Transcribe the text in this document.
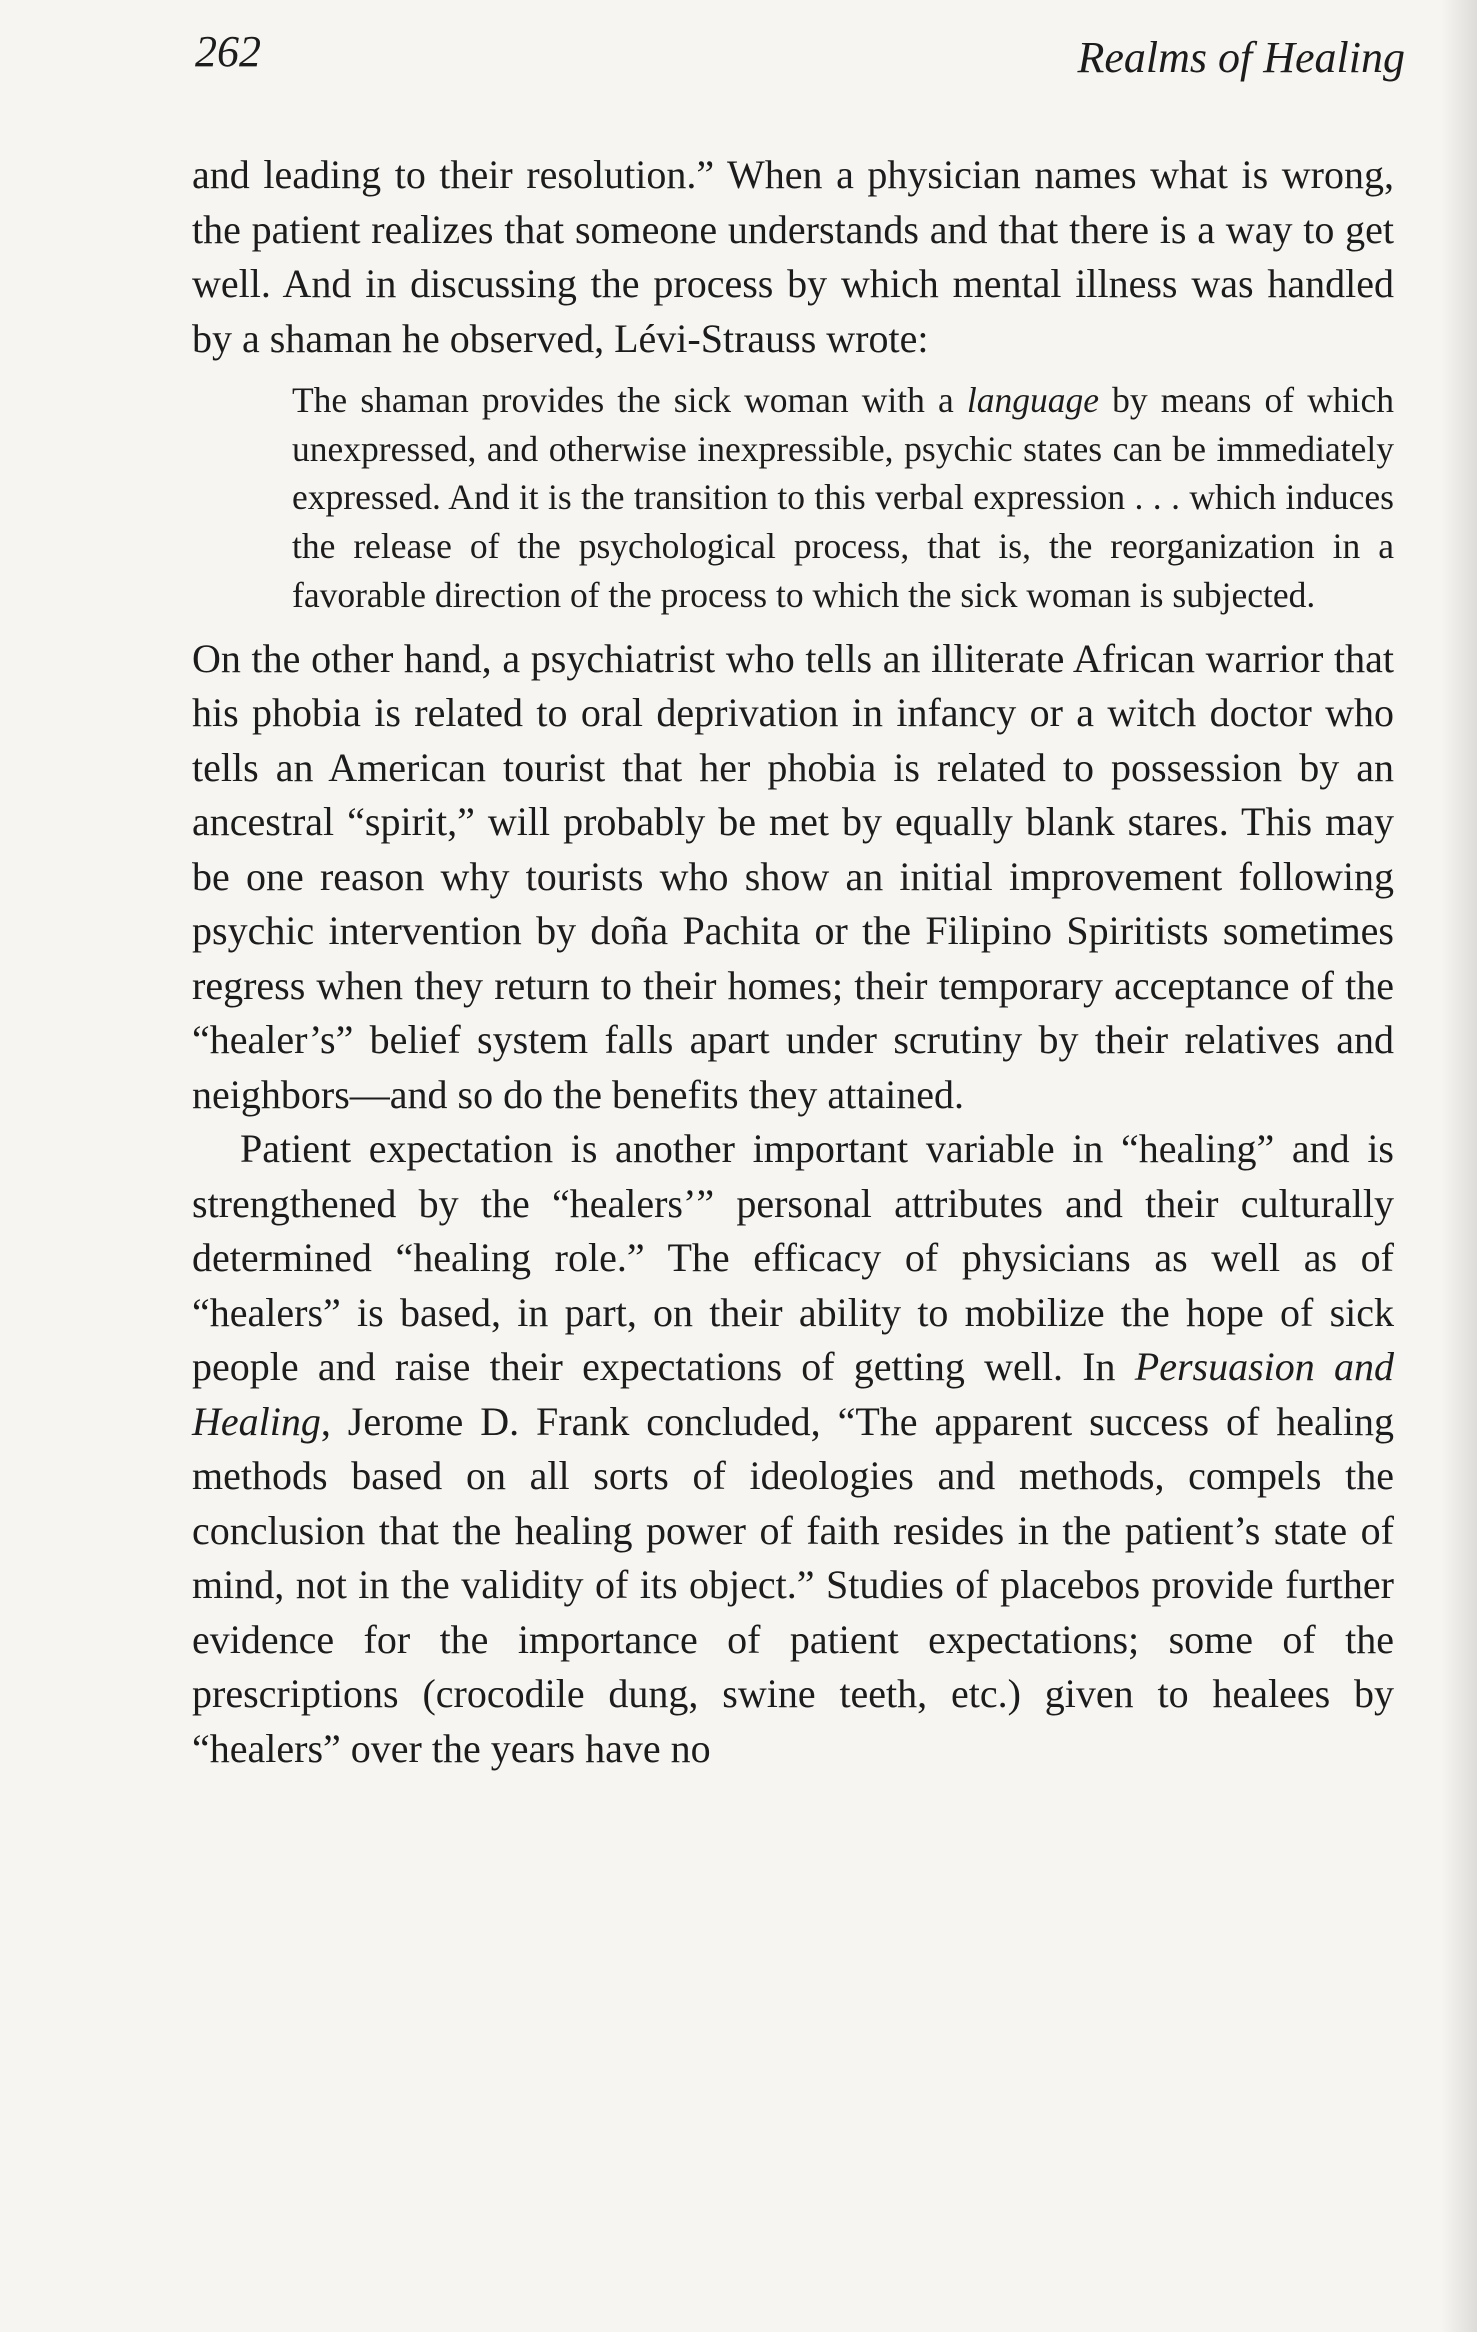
262	Realms of Healing

and leading to their resolution.” When a physician names what is wrong, the patient realizes that someone understands and that there is a way to get well. And in discussing the process by which mental illness was handled by a shaman he observed, Lévi-Strauss wrote:

The shaman provides the sick woman with a language by means of which unexpressed, and otherwise inexpressible, psychic states can be immediately expressed. And it is the transition to this verbal expression . . . which induces the release of the psychological process, that is, the reorganization in a favorable direction of the process to which the sick woman is subjected.

On the other hand, a psychiatrist who tells an illiterate African warrior that his phobia is related to oral deprivation in infancy or a witch doctor who tells an American tourist that her phobia is related to possession by an ancestral “spirit,” will probably be met by equally blank stares. This may be one reason why tourists who show an initial improvement following psychic intervention by doña Pachita or the Filipino Spiritists sometimes regress when they return to their homes; their temporary acceptance of the “healer’s” belief system falls apart under scrutiny by their relatives and neighbors—and so do the benefits they attained.

Patient expectation is another important variable in “healing” and is strengthened by the “healers’” personal attributes and their culturally determined “healing role.” The efficacy of physicians as well as of “healers” is based, in part, on their ability to mobilize the hope of sick people and raise their expectations of getting well. In Persuasion and Healing, Jerome D. Frank concluded, “The apparent success of healing methods based on all sorts of ideologies and methods, compels the conclusion that the healing power of faith resides in the patient’s state of mind, not in the validity of its object.” Studies of placebos provide further evidence for the importance of patient expectations; some of the prescriptions (crocodile dung, swine teeth, etc.) given to healees by “healers” over the years have no
